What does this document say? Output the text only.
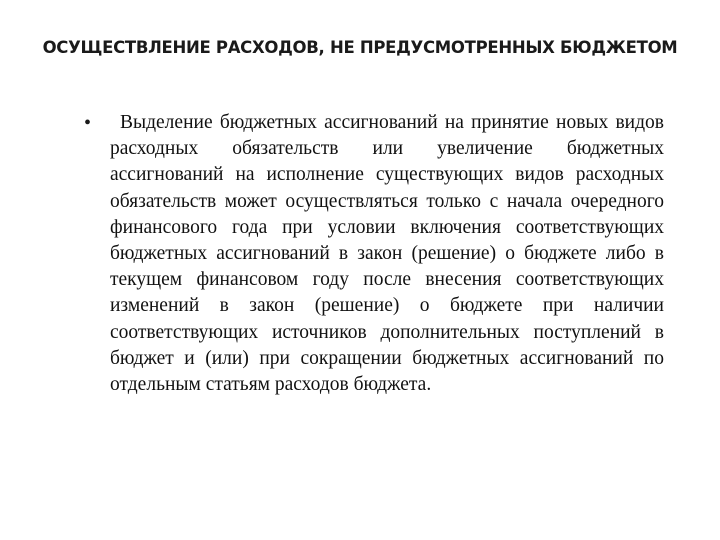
ОСУЩЕСТВЛЕНИЕ РАСХОДОВ, НЕ ПРЕДУСМОТРЕННЫХ БЮДЖЕТОМ
•	Выделение бюджетных ассигнований на принятие новых видов расходных обязательств или увеличение бюджетных ассигнований на исполнение существующих видов расходных обязательств может осуществляться только с начала очередного финансового года при условии включения соответствующих бюджетных ассигнований в закон (решение) о бюджете либо в текущем финансовом году после внесения соответствующих изменений в закон (решение) о бюджете при наличии соответствующих источников дополнительных поступлений в бюджет и (или) при сокращении бюджетных ассигнований по отдельным статьям расходов бюджета.
